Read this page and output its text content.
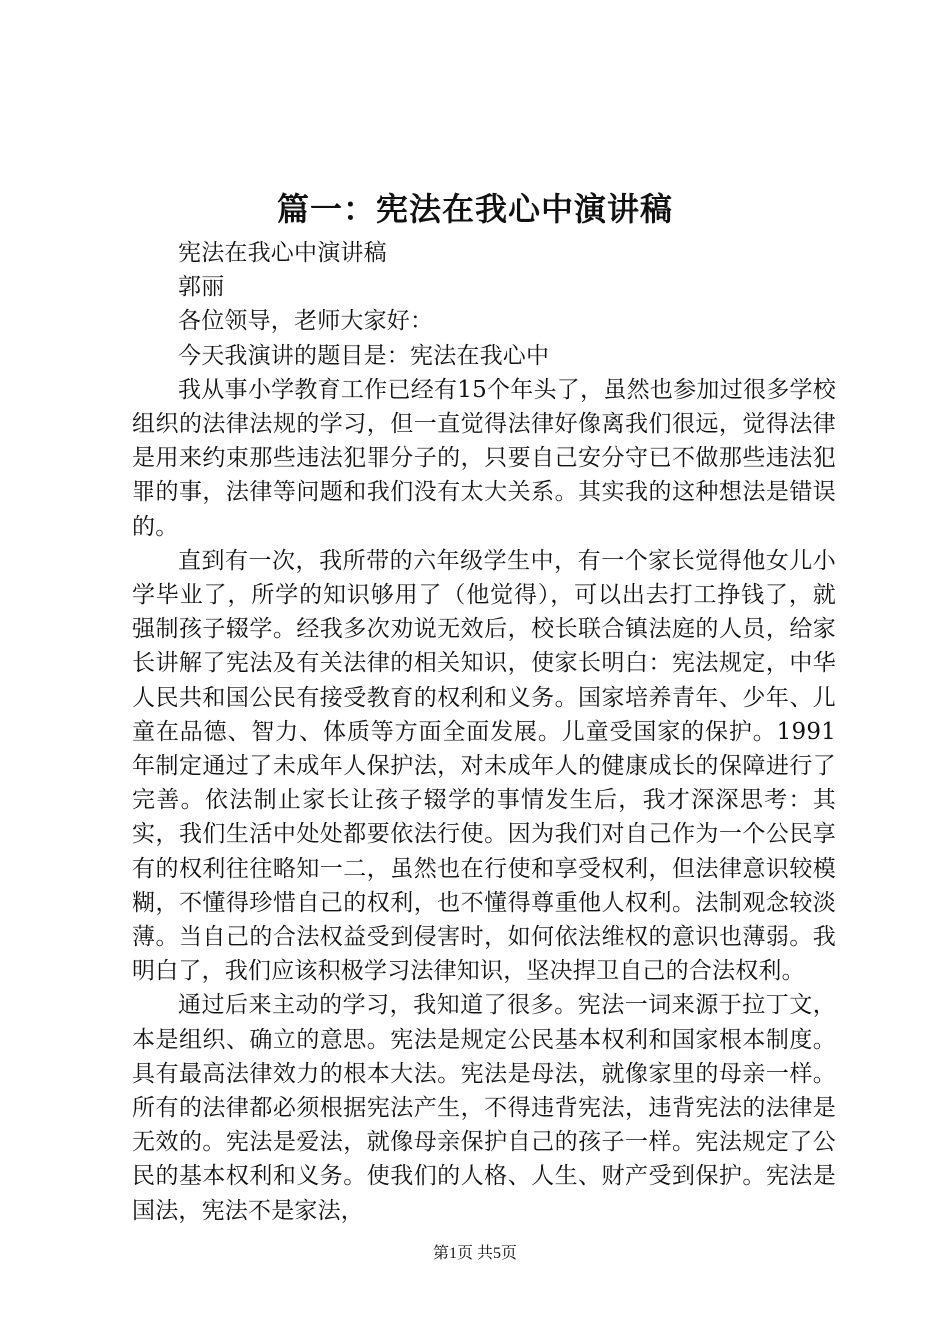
篇一：宪法在我心中演讲稿

宪法在我心中演讲稿

郭丽

各位领导，老师大家好：

今天我演讲的题目是：宪法在我心中

我从事小学教育工作已经有15个年头了，虽然也参加过很多学校组织的法律法规的学习，但一直觉得法律好像离我们很远，觉得法律是用来约束那些违法犯罪分子的，只要自己安分守已不做那些违法犯罪的事，法律等问题和我们没有太大关系。其实我的这种想法是错误的。

直到有一次，我所带的六年级学生中，有一个家长觉得他女儿小学毕业了，所学的知识够用了（他觉得），可以出去打工挣钱了，就强制孩子辍学。经我多次劝说无效后，校长联合镇法庭的人员，给家长讲解了宪法及有关法律的相关知识，使家长明白：宪法规定，中华人民共和国公民有接受教育的权利和义务。国家培养青年、少年、儿童在品德、智力、体质等方面全面发展。儿童受国家的保护。1991年制定通过了未成年人保护法，对未成年人的健康成长的保障进行了完善。依法制止家长让孩子辍学的事情发生后，我才深深思考：其实，我们生活中处处都要依法行使。因为我们对自己作为一个公民享有的权利往往略知一二，虽然也在行使和享受权利，但法律意识较模糊，不懂得珍惜自己的权利，也不懂得尊重他人权利。法制观念较淡薄。当自己的合法权益受到侵害时，如何依法维权的意识也薄弱。我明白了，我们应该积极学习法律知识，坚决捍卫自己的合法权利。

通过后来主动的学习，我知道了很多。宪法一词来源于拉丁文，本是组织、确立的意思。宪法是规定公民基本权利和国家根本制度。具有最高法律效力的根本大法。宪法是母法，就像家里的母亲一样。所有的法律都必须根据宪法产生，不得违背宪法，违背宪法的法律是无效的。宪法是爱法，就像母亲保护自己的孩子一样。宪法规定了公民的基本权利和义务。使我们的人格、人生、财产受到保护。宪法是国法，宪法不是家法，

第1页 共5页
